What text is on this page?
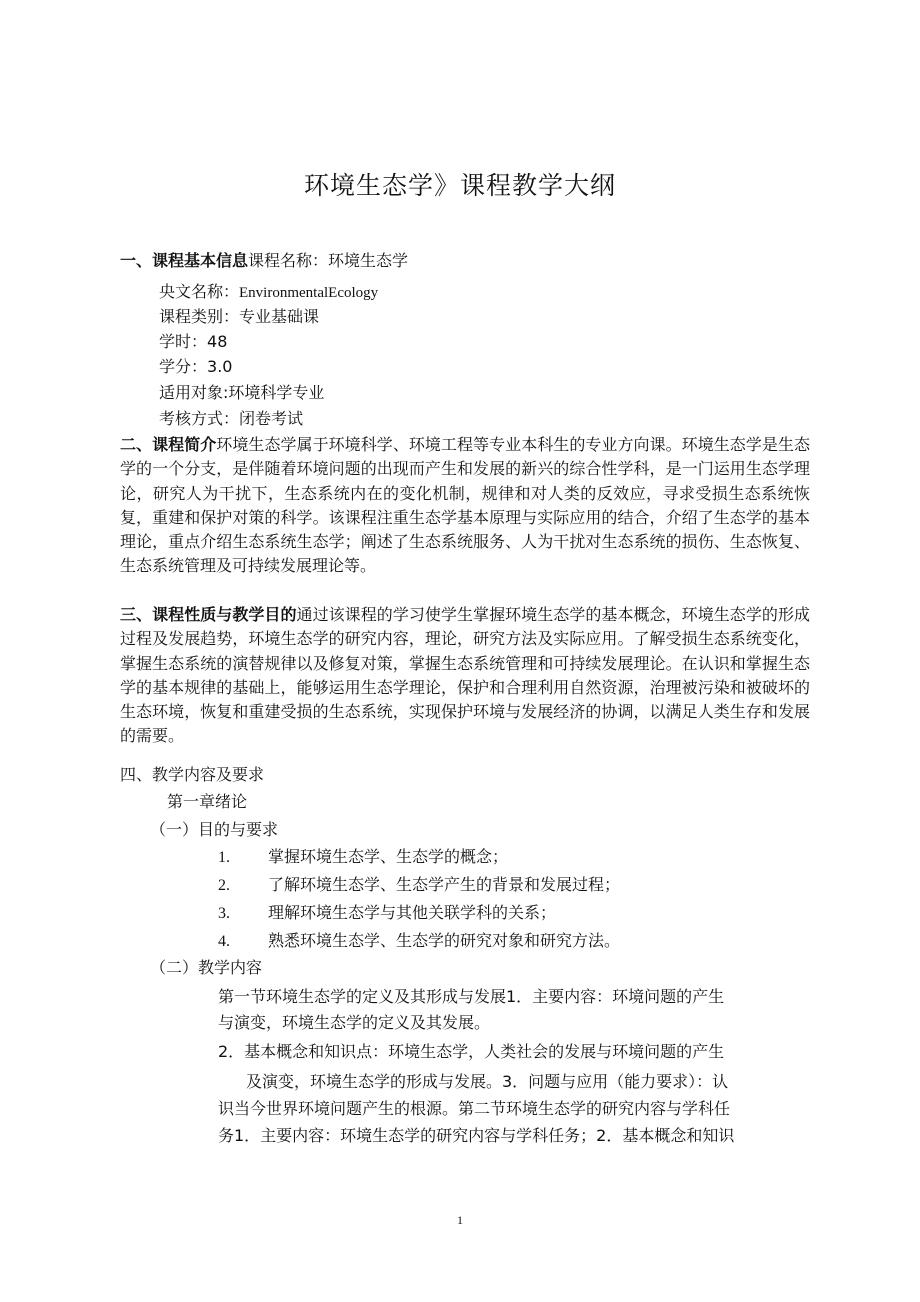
环境生态学》课程教学大纲
一、课程基本信息课程名称：环境生态学
央文名称：EnvironmentalEcology
课程类别：专业基础课
学时：48
学分：3.0
适用对象:环境科学专业
考核方式：闭卷考试
二、课程简介环境生态学属于环境科学、环境工程等专业本科生的专业方向课。环境生态学是生态学的一个分支，是伴随着环境问题的出现而产生和发展的新兴的综合性学科，是一门运用生态学理论，研究人为干扰下，生态系统内在的变化机制，规律和对人类的反效应，寻求受损生态系统恢复，重建和保护对策的科学。该课程注重生态学基本原理与实际应用的结合，介绍了生态学的基本理论，重点介绍生态系统生态学；阐述了生态系统服务、人为干扰对生态系统的损伤、生态恢复、生态系统管理及可持续发展理论等。
三、课程性质与教学目的通过该课程的学习使学生掌握环境生态学的基本概念，环境生态学的形成过程及发展趋势，环境生态学的研究内容，理论，研究方法及实际应用。了解受损生态系统变化，掌握生态系统的演替规律以及修复对策，掌握生态系统管理和可持续发展理论。在认识和掌握生态学的基本规律的基础上，能够运用生态学理论，保护和合理利用自然资源，治理被污染和被破坏的生态环境，恢复和重建受损的生态系统，实现保护环境与发展经济的协调，以满足人类生存和发展的需要。
四、教学内容及要求
第一章绪论
（一）目的与要求
1. 掌握环境生态学、生态学的概念；
2. 了解环境生态学、生态学产生的背景和发展过程；
3. 理解环境生态学与其他关联学科的关系；
4. 熟悉环境生态学、生态学的研究对象和研究方法。
（二）教学内容
第一节环境生态学的定义及其形成与发展1．主要内容：环境问题的产生
与演变，环境生态学的定义及其发展。
2．基本概念和知识点：环境生态学，人类社会的发展与环境问题的产生
及演变，环境生态学的形成与发展。3．问题与应用（能力要求）：认
识当今世界环境问题产生的根源。第二节环境生态学的研究内容与学科任
务1．主要内容：环境生态学的研究内容与学科任务；2．基本概念和知识
1
